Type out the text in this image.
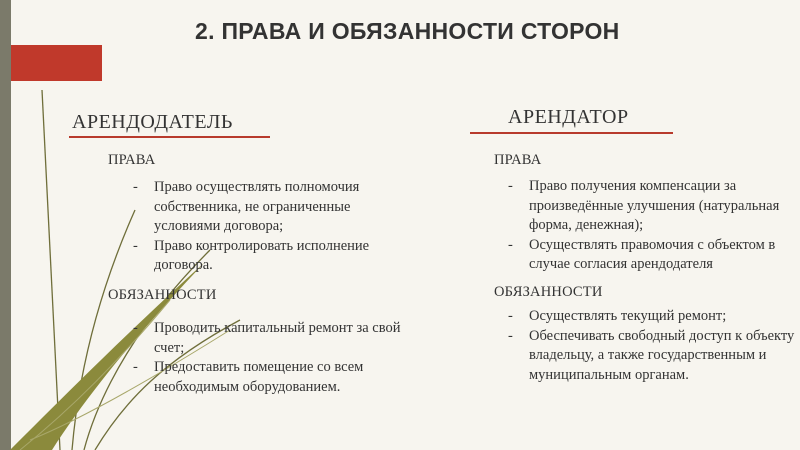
2. ПРАВА И ОБЯЗАННОСТИ СТОРОН
АРЕНДОДАТЕЛЬ
ПРАВА
- Право осуществлять полномочия собственника, не ограниченные условиями договора;
- Право контролировать исполнение договора.
ОБЯЗАННОСТИ
- Проводить капитальный ремонт за свой счет;
- Предоставить помещение со всем необходимым оборудованием.
АРЕНДАТОР
ПРАВА
- Право получения компенсации за произведённые улучшения (натуральная форма, денежная);
- Осуществлять правомочия с объектом в случае согласия арендодателя
ОБЯЗАННОСТИ
- Осуществлять текущий ремонт;
- Обеспечивать свободный доступ к объекту владельцу, а также государственным и муниципальным органам.
